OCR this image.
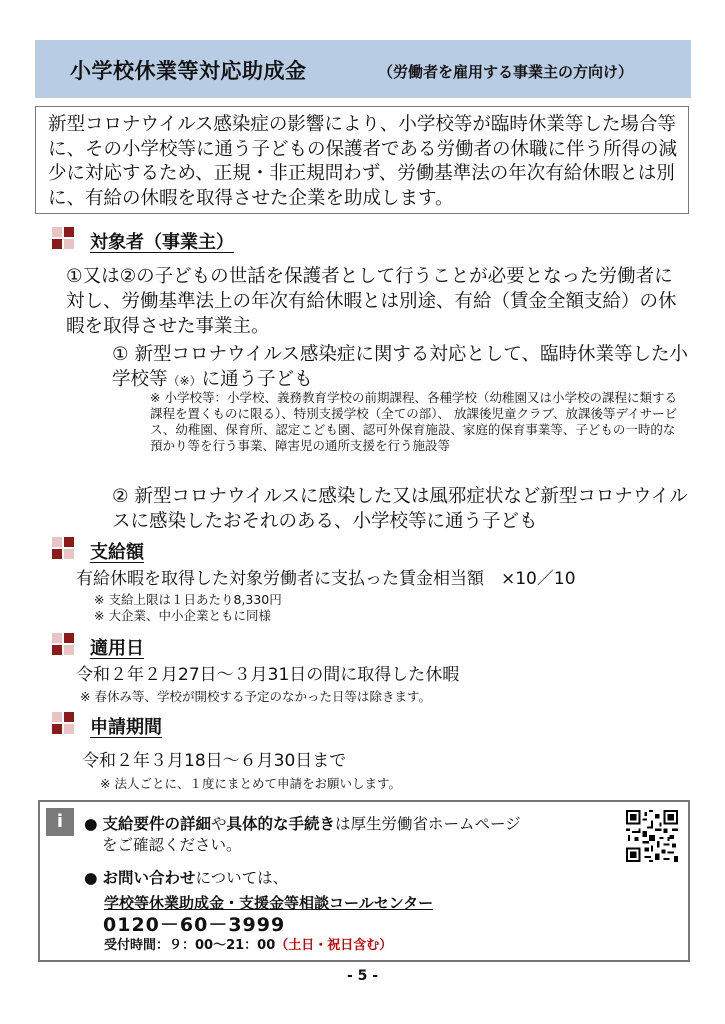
小学校休業等対応助成金	（労働者を雇用する事業主の方向け）
新型コロナウイルス感染症の影響により、小学校等が臨時休業等した場合等に、その小学校等に通う子どもの保護者である労働者の休職に伴う所得の減少に対応するため、正規・非正規問わず、労働基準法の年次有給休暇とは別に、有給の休暇を取得させた企業を助成します。
対象者（事業主）
①又は②の子どもの世話を保護者として行うことが必要となった労働者に対し、労働基準法上の年次有給休暇とは別途、有給（賃金全額支給）の休暇を取得させた事業主。
① 新型コロナウイルス感染症に関する対応として、臨時休業等した小学校等（※）に通う子ども
※ 小学校等：小学校、義務教育学校の前期課程、各種学校（幼稚園又は小学校の課程に類する課程を置くものに限る）、特別支援学校（全ての部）、 放課後児童クラブ、放課後等デイサービス、幼稚園、保育所、認定こども園、認可外保育施設、家庭的保育事業等、子どもの一時的な預かり等を行う事業、障害児の通所支援を行う施設等
② 新型コロナウイルスに感染した又は風邪症状など新型コロナウイルスに感染したおそれのある、小学校等に通う子ども
支給額
有給休暇を取得した対象労働者に支払った賃金相当額　×10／10
※ 支給上限は１日あたり8,330円
※ 大企業、中小企業ともに同様
適用日
令和２年２月27日～３月31日の間に取得した休暇
※ 春休み等、学校が開校する予定のなかった日等は除きます。
申請期間
令和２年３月18日～６月30日まで
※ 法人ごとに、１度にまとめて申請をお願いします。
i	● 支給要件の詳細や具体的な手続きは厚生労働省ホームページ
をご確認ください。
● お問い合わせについては、
学校等休業助成金・支援金等相談コールセンター
0120－60－3999
受付時間：９：00～21：00（土日・祝日含む）
- 5 -
